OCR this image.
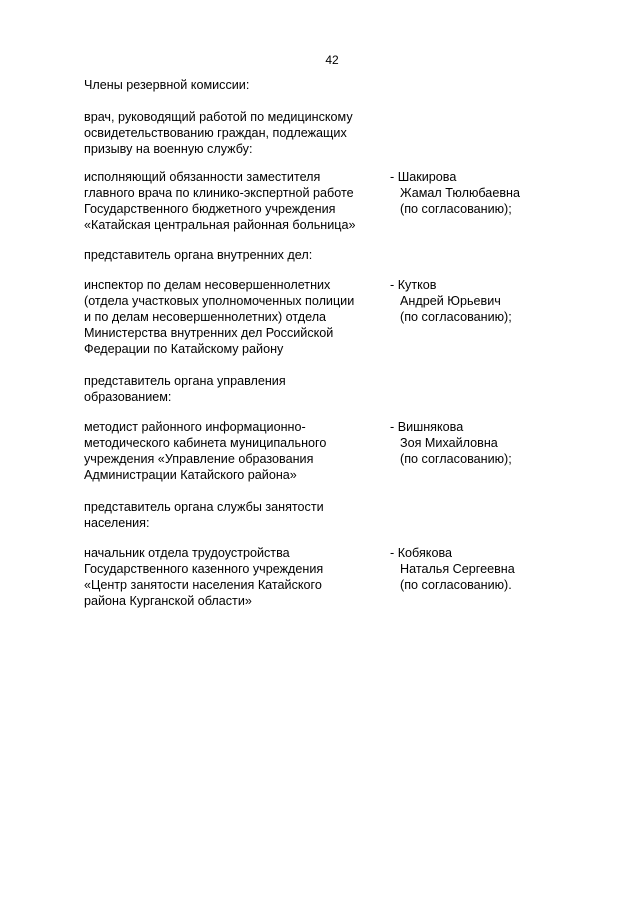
42
Члены резервной комиссии:
врач, руководящий работой по медицинскому
освидетельствованию граждан, подлежащих
призыву на военную службу:
исполняющий обязанности заместителя
главного врача по клинико-экспертной работе
Государственного бюджетного учреждения
«Катайская центральная районная больница»
- Шакирова
Жамал Тюлюбаевна
(по согласованию);
представитель органа внутренних дел:
инспектор по делам несовершеннолетних
(отдела участковых уполномоченных полиции
и по делам несовершеннолетних) отдела
Министерства внутренних дел Российской
Федерации по Катайскому району
- Кутков
Андрей Юрьевич
(по согласованию);
представитель органа управления
образованием:
методист районного информационно-
методического кабинета муниципального
учреждения «Управление образования
Администрации Катайского района»
- Вишнякова
Зоя Михайловна
(по согласованию);
представитель органа службы занятости
населения:
начальник отдела трудоустройства
Государственного казенного учреждения
«Центр занятости населения Катайского
района Курганской области»
- Кобякова
Наталья Сергеевна
(по согласованию).
